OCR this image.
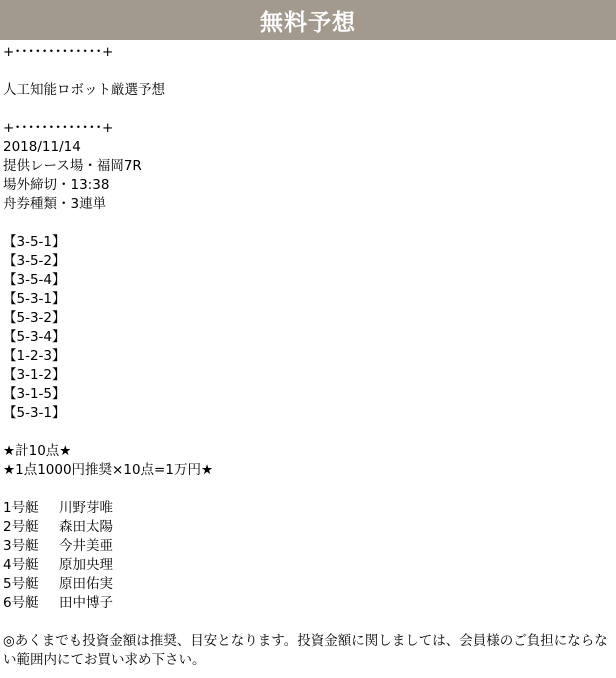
無料予想
+･････････････+
人工知能ロボット厳選予想
+･････････････+
2018/11/14
提供レース場・福岡7R
場外締切・13:38
舟券種類・3連単
【3-5-1】
【3-5-2】
【3-5-4】
【5-3-1】
【5-3-2】
【5-3-4】
【1-2-3】
【3-1-2】
【3-1-5】
【5-3-1】
★計10点★
★1点1000円推奨×10点=1万円★
1号艇	川野芽唯
2号艇	森田太陽
3号艇	今井美亜
4号艇	原加央理
5号艇	原田佑実
6号艇	田中博子
◎あくまでも投資金額は推奨、目安となります。投資金額に関しましては、会員様のご負担にならない範囲内にてお買い求め下さい。
